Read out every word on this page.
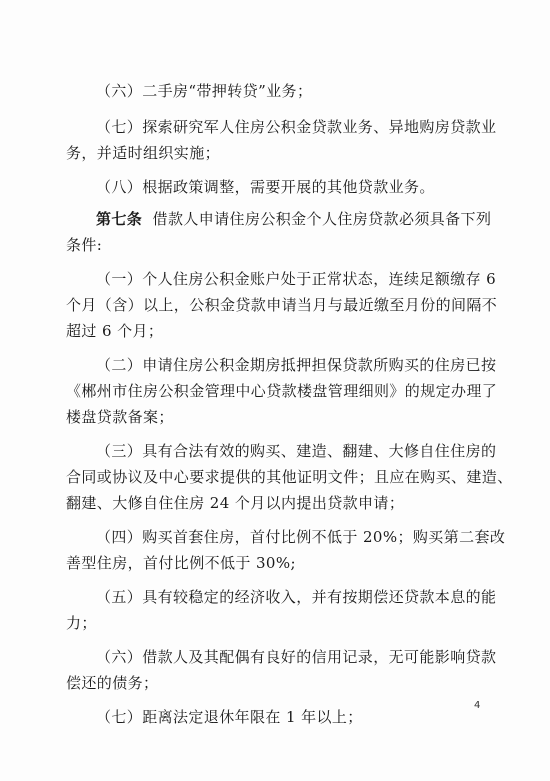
（六）二手房“带押转贷”业务；
（七）探索研究军人住房公积金贷款业务、异地购房贷款业
务，并适时组织实施；
（八）根据政策调整，需要开展的其他贷款业务。
第七条 借款人申请住房公积金个人住房贷款必须具备下列
条件:
（一）个人住房公积金账户处于正常状态，连续足额缴存 6
个月（含）以上，公积金贷款申请当月与最近缴至月份的间隔不
超过 6 个月；
（二）申请住房公积金期房抵押担保贷款所购买的住房已按
《郴州市住房公积金管理中心贷款楼盘管理细则》的规定办理了
楼盘贷款备案；
（三）具有合法有效的购买、建造、翻建、大修自住住房的
合同或协议及中心要求提供的其他证明文件；且应在购买、建造、
翻建、大修自住住房 24 个月以内提出贷款申请；
（四）购买首套住房，首付比例不低于 20%；购买第二套改
善型住房，首付比例不低于 30%;
（五）具有较稳定的经济收入，并有按期偿还贷款本息的能
力；
（六）借款人及其配偶有良好的信用记录，无可能影响贷款
偿还的债务；
（七）距离法定退休年限在 1 年以上；
4
